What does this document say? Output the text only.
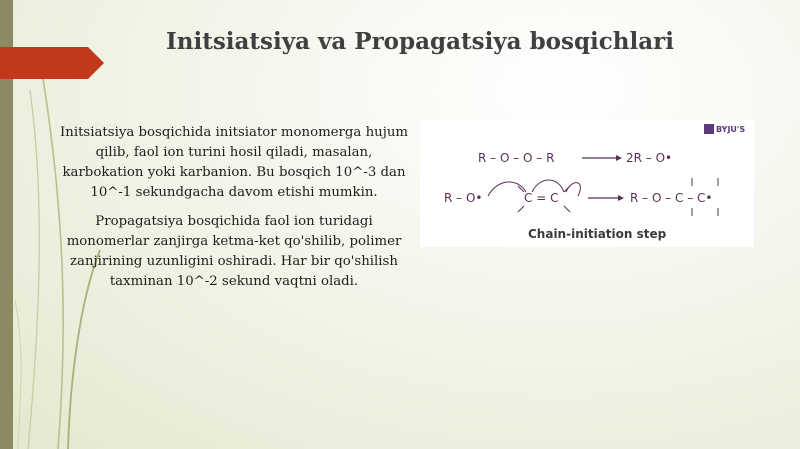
Initsiatsiya va Propagatsiya bosqichlari
Initsiatsiya bosqichida initsiator monomerga hujum qilib, faol ion turini hosil qiladi, masalan, karbokation yoki karbanion. Bu bosqich 10^-3 dan 10^-1 sekundgacha davom etishi mumkin.
Propagatsiya bosqichida faol ion turidagi monomerlar zanjirga ketma-ket qo'shilib, polimer zanjirining uzunligini oshiradi. Har bir qo'shilish taxminan 10^-2 sekund vaqtni oladi.
BYJU'S
R – O – O – R	2R – O•
R – O•	C = C	R – O – C – C•
Chain-initiation step
